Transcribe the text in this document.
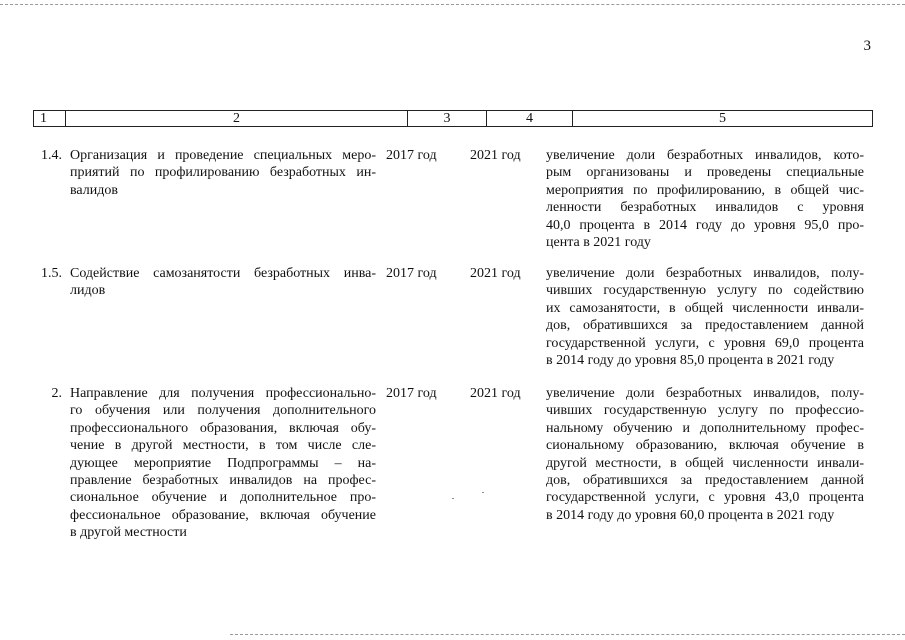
3
1	2	3	4	5
1.4. Организация и проведение специальных меро-
приятий по профилированию безработных ин-
валидов
2017 год	2021 год	увеличение доли безработных инвалидов, кото-
рым организованы и проведены специальные
мероприятия по профилированию, в общей чис-
ленности безработных инвалидов с уровня
40,0 процента в 2014 году до уровня 95,0 про-
цента в 2021 году
1.5. Содействие самозанятости безработных инва-
лидов
2017 год	2021 год	увеличение доли безработных инвалидов, полу-
чивших государственную услугу по содействию
их самозанятости, в общей численности инвали-
дов, обратившихся за предоставлением данной
государственной услуги, с уровня 69,0 процента
в 2014 году до уровня 85,0 процента в 2021 году
2. Направление для получения профессионально-
го обучения или получения дополнительного
профессионального образования, включая обу-
чение в другой местности, в том числе сле-
дующее мероприятие Подпрограммы – на-
правление безработных инвалидов на профес-
сиональное обучение и дополнительное про-
фессиональное образование, включая обучение
в другой местности
2017 год	2021 год	увеличение доли безработных инвалидов, полу-
чивших государственную услугу по профессио-
нальному обучению и дополнительному профес-
сиональному образованию, включая обучение в
другой местности, в общей численности инвали-
дов, обратившихся за предоставлением данной
государственной услуги, с уровня 43,0 процента
в 2014 году до уровня 60,0 процента в 2021 году
